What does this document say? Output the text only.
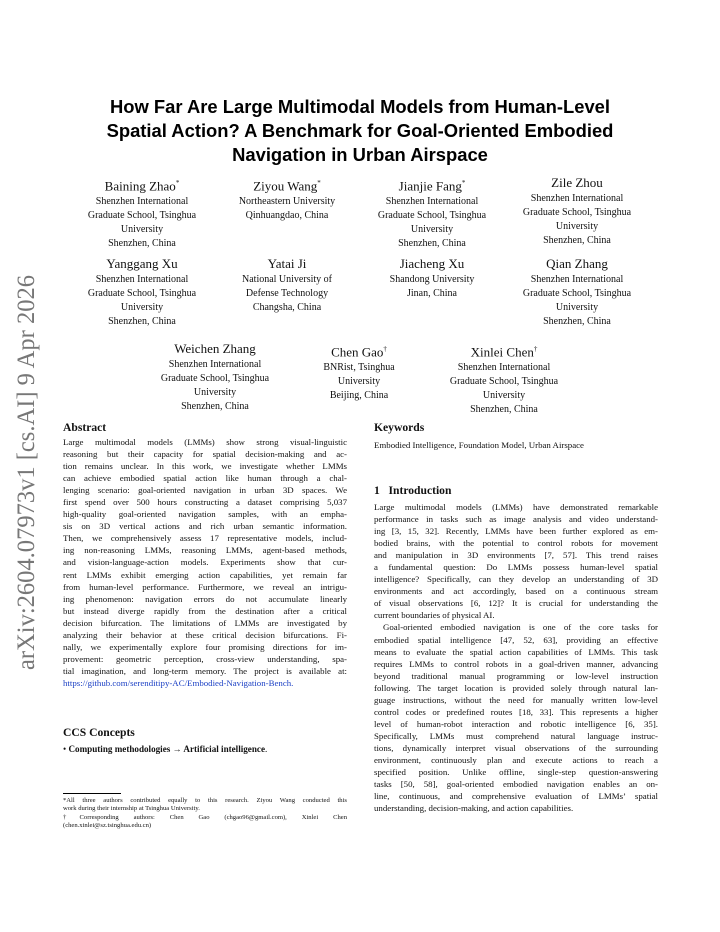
arXiv:2604.07973v1 [cs.AI] 9 Apr 2026
How Far Are Large Multimodal Models from Human-Level
Spatial Action? A Benchmark for Goal-Oriented Embodied
Navigation in Urban Airspace
Baining Zhao*
Shenzhen International
Graduate School, Tsinghua
University
Shenzhen, China
Ziyou Wang*
Northeastern University
Qinhuangdao, China
Jianjie Fang*
Shenzhen International
Graduate School, Tsinghua
University
Shenzhen, China
Zile Zhou
Shenzhen International
Graduate School, Tsinghua
University
Shenzhen, China
Yanggang Xu
Shenzhen International
Graduate School, Tsinghua
University
Shenzhen, China
Yatai Ji
National University of
Defense Technology
Changsha, China
Jiacheng Xu
Shandong University
Jinan, China
Qian Zhang
Shenzhen International
Graduate School, Tsinghua
University
Shenzhen, China
Weichen Zhang
Shenzhen International
Graduate School, Tsinghua
University
Shenzhen, China
Chen Gao†
BNRist, Tsinghua
University
Beijing, China
Xinlei Chen†
Shenzhen International
Graduate School, Tsinghua
University
Shenzhen, China
Abstract
Large multimodal models (LMMs) show strong visual-linguistic
reasoning but their capacity for spatial decision-making and ac-
tion remains unclear. In this work, we investigate whether LMMs
can achieve embodied spatial action like human through a chal-
lenging scenario: goal-oriented navigation in urban 3D spaces. We
first spend over 500 hours constructing a dataset comprising 5,037
high-quality goal-oriented navigation samples, with an empha-
sis on 3D vertical actions and rich urban semantic information.
Then, we comprehensively assess 17 representative models, includ-
ing non-reasoning LMMs, reasoning LMMs, agent-based methods,
and vision-language-action models. Experiments show that cur-
rent LMMs exhibit emerging action capabilities, yet remain far
from human-level performance. Furthermore, we reveal an intrigu-
ing phenomenon: navigation errors do not accumulate linearly
but instead diverge rapidly from the destination after a critical
decision bifurcation. The limitations of LMMs are investigated by
analyzing their behavior at these critical decision bifurcations. Fi-
nally, we experimentally explore four promising directions for im-
provement: geometric perception, cross-view understanding, spa-
tial imagination, and long-term memory. The project is available at:
https://github.com/serenditipy-AC/Embodied-Navigation-Bench.
CCS Concepts
• Computing methodologies → Artificial intelligence.
*All three authors contributed equally to this research. Ziyou Wang conducted this
work during their internship at Tsinghua University.
†Corresponding authors: Chen Gao (chgao96@gmail.com), Xinlei Chen
(chen.xinlei@sz.tsinghua.edu.cn)
Keywords
Embodied Intelligence, Foundation Model, Urban Airspace
1   Introduction
Large multimodal models (LMMs) have demonstrated remarkable
performance in tasks such as image analysis and video understand-
ing [3, 15, 32]. Recently, LMMs have been further explored as em-
bodied brains, with the potential to control robots for movement
and manipulation in 3D environments [7, 57]. This trend raises
a fundamental question: Do LMMs possess human-level spatial
intelligence? Specifically, can they develop an understanding of 3D
environments and act accordingly, based on a continuous stream
of visual observations [6, 12]? It is crucial for understanding the
current boundaries of physical AI.
Goal-oriented embodied navigation is one of the core tasks for
embodied spatial intelligence [47, 52, 63], providing an effective
means to evaluate the spatial action capabilities of LMMs. This task
requires LMMs to control robots in a goal-driven manner, advancing
beyond traditional manual programming or low-level instruction
following. The target location is provided solely through natural lan-
guage instructions, without the need for manually written low-level
control codes or predefined routes [18, 33]. This represents a higher
level of human-robot interaction and robotic intelligence [6, 35].
Specifically, LMMs must comprehend natural language instruc-
tions, dynamically interpret visual observations of the surrounding
environment, continuously plan and execute actions to reach a
specified position. Unlike offline, single-step question-answering
tasks [50, 58], goal-oriented embodied navigation enables an on-
line, continuous, and comprehensive evaluation of LMMs’ spatial
understanding, decision-making, and action capabilities.
